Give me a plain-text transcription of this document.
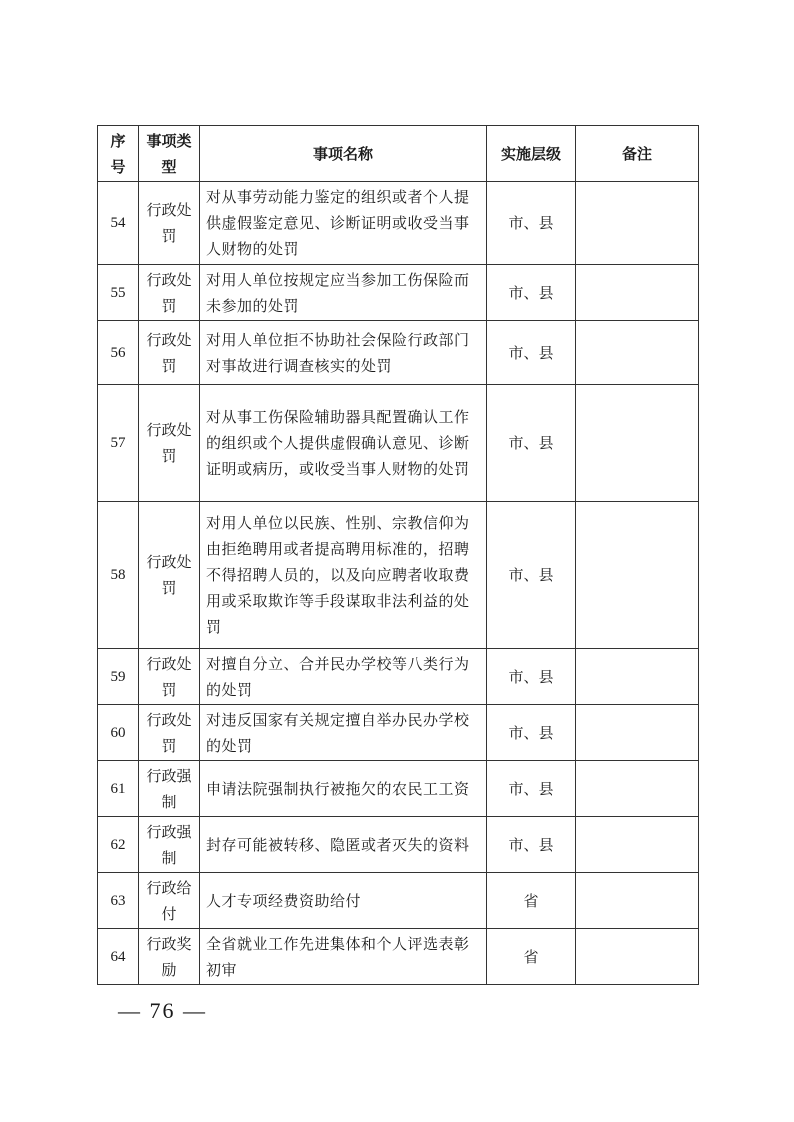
序号	事项类型	事项名称	实施层级	备注
54	行政处罚	对从事劳动能力鉴定的组织或者个人提供虚假鉴定意见、诊断证明或收受当事人财物的处罚	市、县	
55	行政处罚	对用人单位按规定应当参加工伤保险而未参加的处罚	市、县	
56	行政处罚	对用人单位拒不协助社会保险行政部门对事故进行调查核实的处罚	市、县	
57	行政处罚	对从事工伤保险辅助器具配置确认工作的组织或个人提供虚假确认意见、诊断证明或病历，或收受当事人财物的处罚	市、县	
58	行政处罚	对用人单位以民族、性别、宗教信仰为由拒绝聘用或者提高聘用标准的，招聘不得招聘人员的，以及向应聘者收取费用或采取欺诈等手段谋取非法利益的处罚	市、县	
59	行政处罚	对擅自分立、合并民办学校等八类行为的处罚	市、县	
60	行政处罚	对违反国家有关规定擅自举办民办学校的处罚	市、县	
61	行政强制	申请法院强制执行被拖欠的农民工工资	市、县	
62	行政强制	封存可能被转移、隐匿或者灭失的资料	市、县	
63	行政给付	人才专项经费资助给付	省	
64	行政奖励	全省就业工作先进集体和个人评选表彰初审	省	
— 76 —
